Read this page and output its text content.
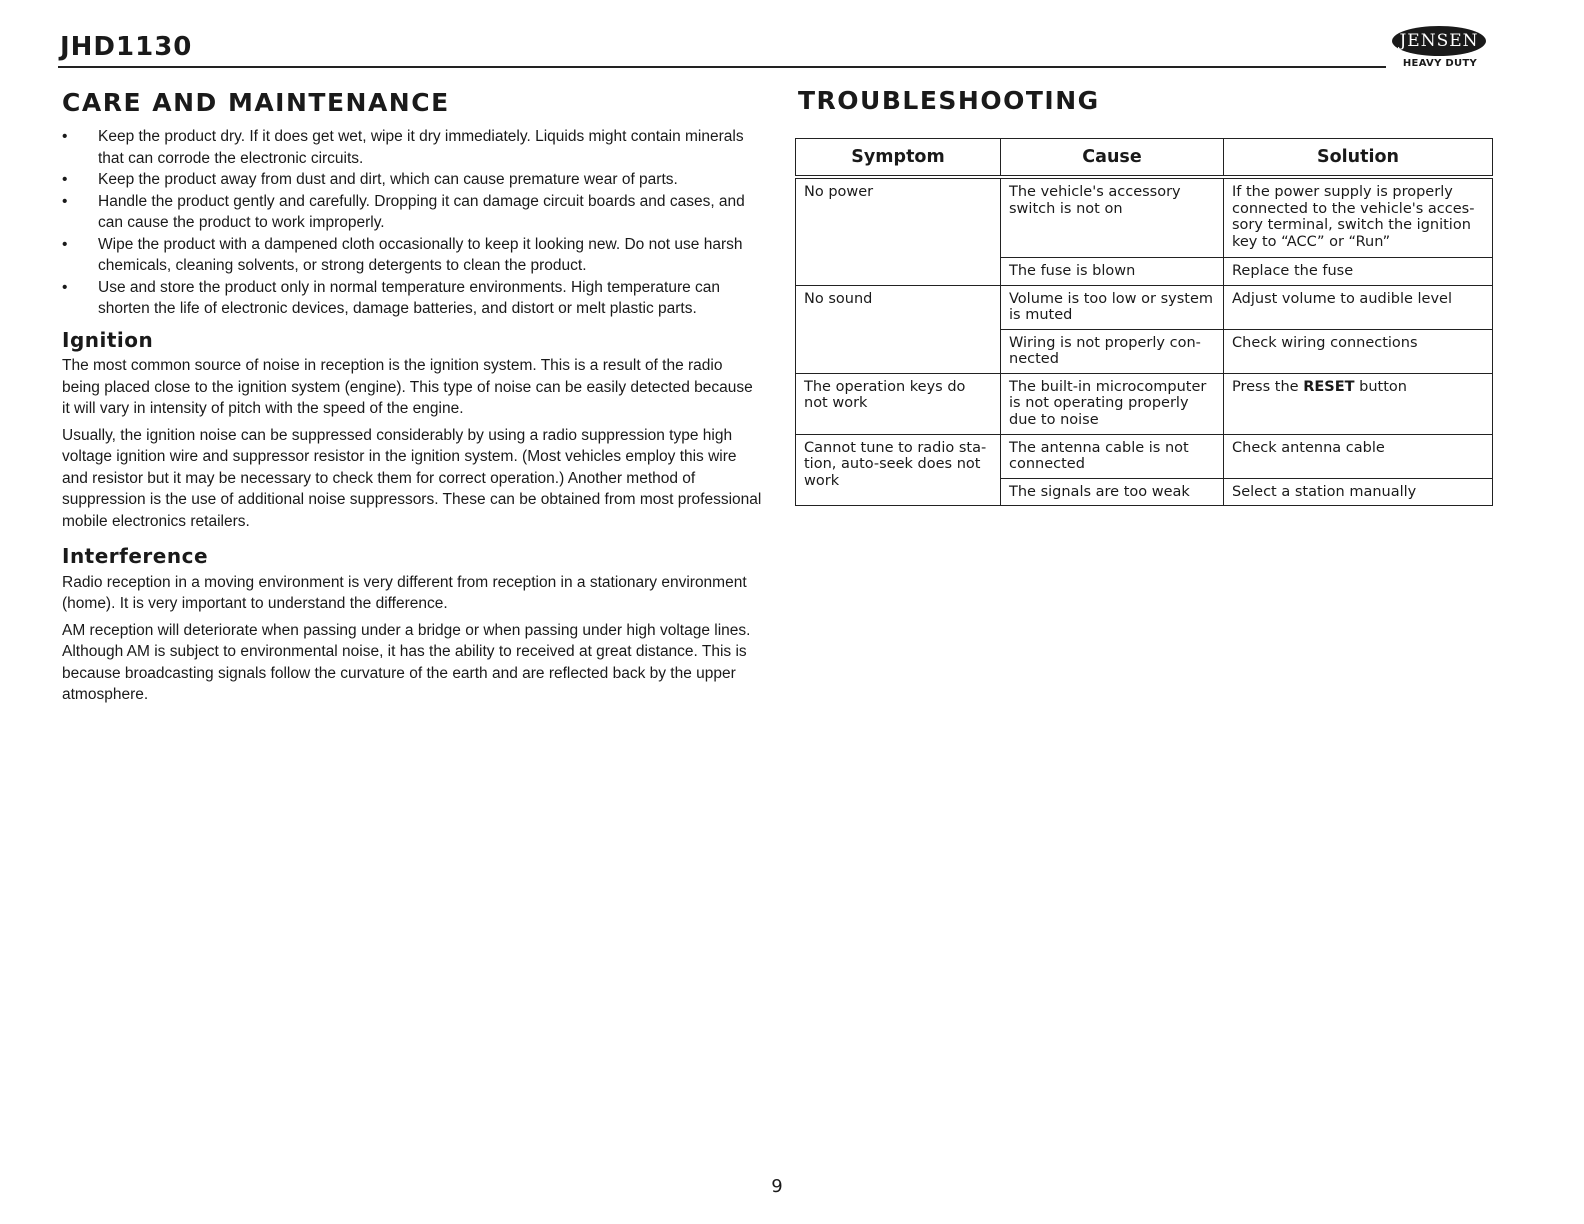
JHD1130	JENSEN
HEAVY DUTY
CARE AND MAINTENANCE	TROUBLESHOOTING
•	Keep the product dry. If it does get wet, wipe it dry immediately. Liquids might contain minerals that can corrode the electronic circuits.
•	Keep the product away from dust and dirt, which can cause premature wear of parts.
•	Handle the product gently and carefully. Dropping it can damage circuit boards and cases, and can cause the product to work improperly.
•	Wipe the product with a dampened cloth occasionally to keep it looking new. Do not use harsh chemicals, cleaning solvents, or strong detergents to clean the product.
•	Use and store the product only in normal temperature environments. High temperature can shorten the life of electronic devices, damage batteries, and distort or melt plastic parts.
Ignition

The most common source of noise in reception is the ignition system. This is a result of the radio being placed close to the ignition system (engine). This type of noise can be easily detected because it will vary in intensity of pitch with the speed of the engine.

Usually, the ignition noise can be suppressed considerably by using a radio suppression type high voltage ignition wire and suppressor resistor in the ignition system. (Most vehicles employ this wire and resistor but it may be necessary to check them for correct operation.) Another method of suppression is the use of additional noise suppressors. These can be obtained from most professional mobile electronics retailers.

Interference

Radio reception in a moving environment is very different from reception in a stationary environment (home). It is very important to understand the difference.

AM reception will deteriorate when passing under a bridge or when passing under high voltage lines. Although AM is subject to environmental noise, it has the ability to received at great distance. This is because broadcasting signals follow the curvature of the earth and are reflected back by the upper atmosphere.

Symptom	Cause	Solution
No power	The vehicle's accessory switch is not on	If the power supply is properly connected to the vehicle's acces-sory terminal, switch the ignition key to “ACC” or “Run”
	The fuse is blown	Replace the fuse
No sound	Volume is too low or system is muted	Adjust volume to audible level
	Wiring is not properly con-nected	Check wiring connections
The operation keys do not work	The built-in microcomputer is not operating properly due to noise	Press the RESET button
Cannot tune to radio sta-tion, auto-seek does not work	The antenna cable is not connected	Check antenna cable
	The signals are too weak	Select a station manually
9
